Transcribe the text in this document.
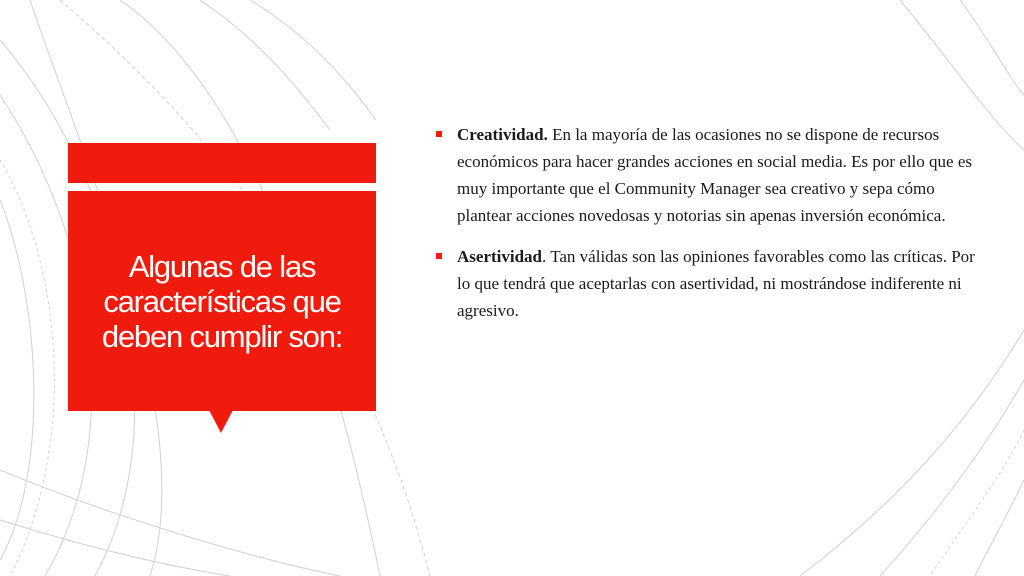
Algunas de las características que deben cumplir son:
Creatividad. En la mayoría de las ocasiones no se dispone de recursos económicos para hacer grandes acciones en social media. Es por ello que es muy importante que el Community Manager sea creativo y sepa cómo plantear acciones novedosas y notorias sin apenas inversión económica.
Asertividad. Tan válidas son las opiniones favorables como las críticas. Por lo que tendrá que aceptarlas con asertividad, ni mostrándose indiferente ni agresivo.
